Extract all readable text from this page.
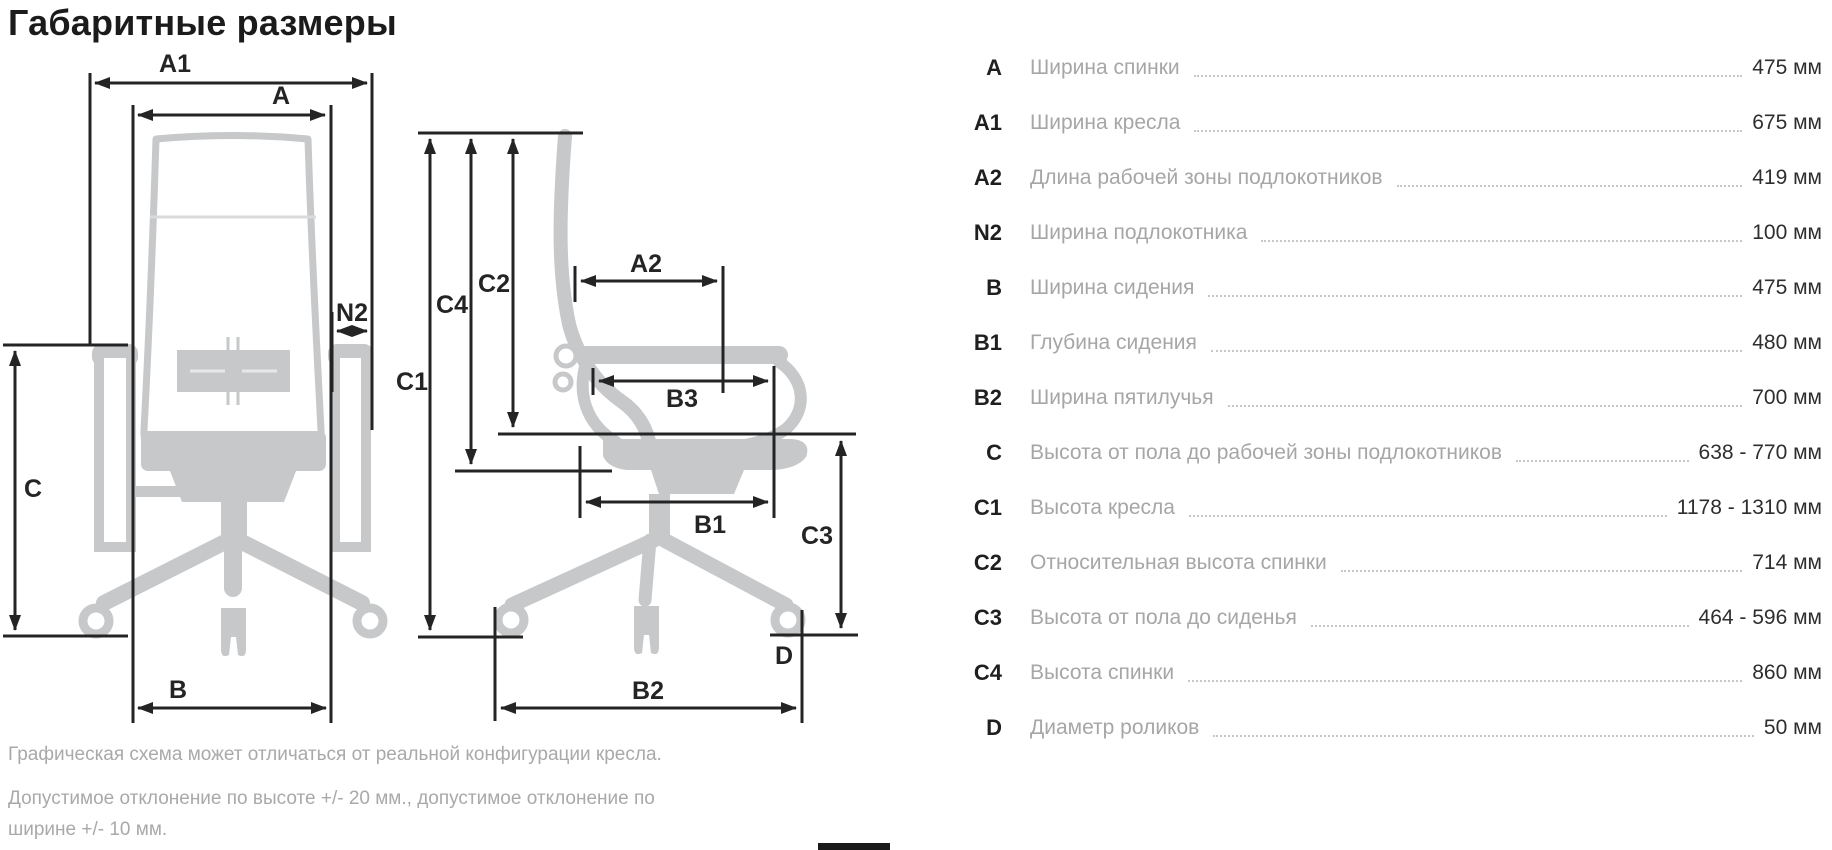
Габаритные размеры
A1
A
N2
C
B
C2
C4
C1
A2
B3
B1	C3
B2
D
A Ширина спинки	475 мм
A1 Ширина кресла	675 мм
A2 Длина рабочей зоны подлокотников	419 мм
N2 Ширина подлокотника	100 мм
B Ширина сидения	475 мм
B1 Глубина сидения	480 мм
B2 Ширина пятилучья	700 мм
C Высота от пола до рабочей зоны подлокотников	638 - 770 мм
C1 Высота кресла	1178 - 1310 мм
C2 Относительная высота спинки	714 мм
C3 Высота от пола до сиденья	464 - 596 мм
C4 Высота спинки	860 мм
D Диаметр роликов	50 мм

Графическая схема может отличаться от реальной конфигурации кресла.

Допустимое отклонение по высоте +/- 20 мм., допустимое отклонение по ширине +/- 10 мм.
